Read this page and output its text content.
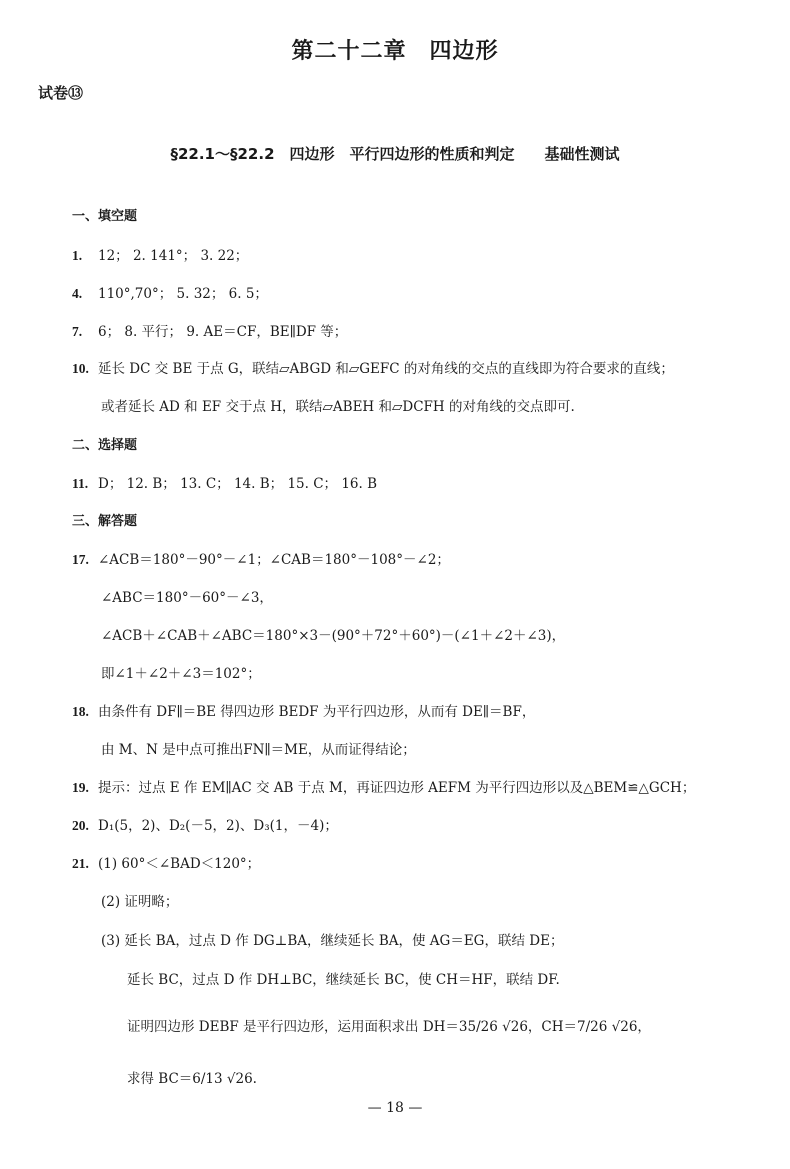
第二十二章　四边形
试卷⑬
§22.1～§22.2　四边形　平行四边形的性质和判定　　基础性测试
一、填空题
1. 12； 2. 141°； 3. 22；
4. 110°,70°； 5. 32； 6. 5；
7. 6； 8. 平行； 9. AE＝CF，BE∥DF 等；
10. 延长 DC 交 BE 于点 G，联结▱ABGD 和▱GEFC 的对角线的交点的直线即为符合要求的直线；
或者延长 AD 和 EF 交于点 H，联结▱ABEH 和▱DCFH 的对角线的交点即可.
二、选择题
11. D； 12. B； 13. C； 14. B； 15. C； 16. B
三、解答题
17. ∠ACB＝180°－90°－∠1；∠CAB＝180°－108°－∠2；
∠ABC＝180°－60°－∠3，
∠ACB＋∠CAB＋∠ABC＝180°×3－(90°＋72°＋60°)－(∠1＋∠2＋∠3)，
即∠1＋∠2＋∠3＝102°；
18. 由条件有 DF∥＝BE 得四边形 BEDF 为平行四边形，从而有 DE∥＝BF，
由 M、N 是中点可推出FN∥＝ME，从而证得结论；
19. 提示：过点 E 作 EM∥AC 交 AB 于点 M，再证四边形 AEFM 为平行四边形以及△BEM≌△GCH；
20. D₁(5，2)、D₂(－5，2)、D₃(1，－4)；
21. (1) 60°＜∠BAD＜120°；
(2) 证明略；
(3) 延长 BA，过点 D 作 DG⊥BA，继续延长 BA，使 AG＝EG，联结 DE；
延长 BC，过点 D 作 DH⊥BC，继续延长 BC，使 CH＝HF，联结 DF.
证明四边形 DEBF 是平行四边形，运用面积求出 DH＝35/26 √26，CH＝7/26 √26，
求得 BC＝6/13 √26.
— 18 —
